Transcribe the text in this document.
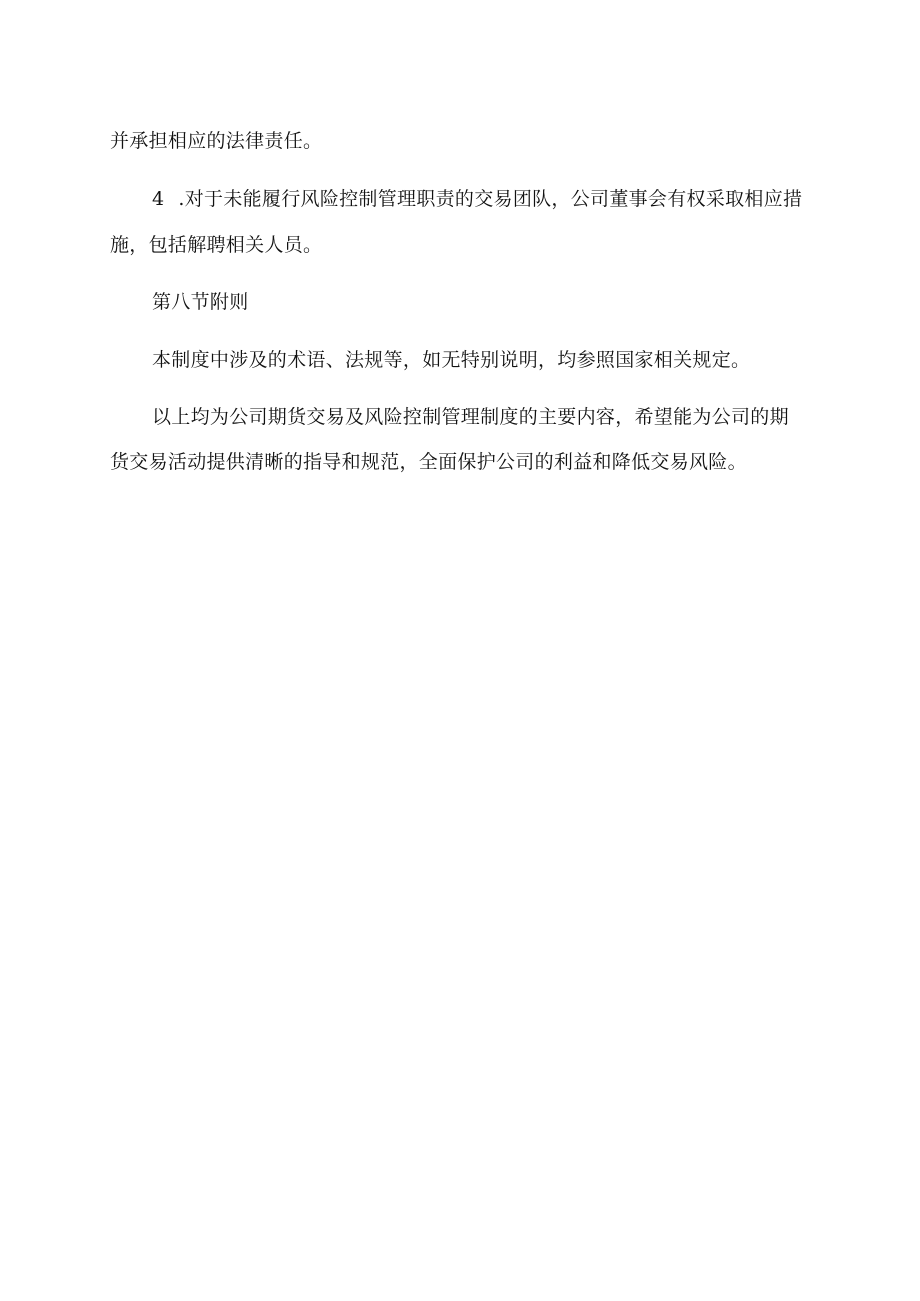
并承担相应的法律责任。
4 .对于未能履行风险控制管理职责的交易团队，公司董事会有权采取相应措
施，包括解聘相关人员。
第八节附则
本制度中涉及的术语、法规等，如无特别说明，均参照国家相关规定。
以上均为公司期货交易及风险控制管理制度的主要内容，希望能为公司的期
货交易活动提供清晰的指导和规范，全面保护公司的利益和降低交易风险。
